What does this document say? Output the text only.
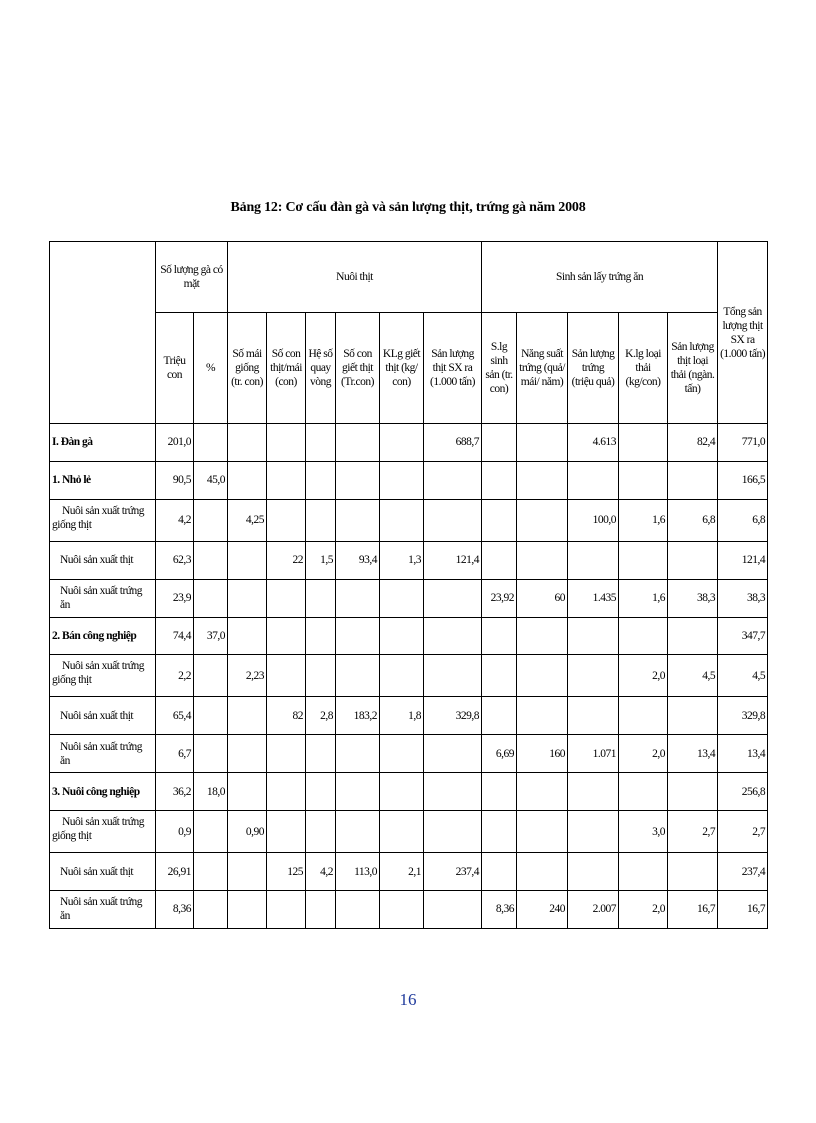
Bảng 12: Cơ cấu đàn gà và sản lượng thịt, trứng gà năm 2008
	Số lượng gà có mặt		Nuôi thịt						Sinh sản lấy trứng ăn					Tổng sản lượng thịt SX ra (1.000 tấn)
	Triệu con	%	Số mái giống (tr. con)	Số con thịt/mái (con)	Hệ số quay vòng	Số con giết thịt (Tr.con)	KLg giết thịt (kg/ con)	Sản lượng thịt SX ra (1.000 tấn)	S.lg sinh sản (tr. con)	Năng suất trứng (quả/ mái/ năm)	Sản lượng trứng (triệu quả)	K.lg loại thải (kg/con)	Sản lượng thịt loại thải (ngàn. tấn)	
I. Đàn gà	201,0							688,7			4.613		82,4	771,0
1. Nhỏ lẻ	90,5	45,0												166,5
Nuôi sản xuất trứng giống thịt	4,2		4,25								100,0	1,6	6,8	6,8
Nuôi sản xuất thịt	62,3			22	1,5	93,4	1,3	121,4						121,4
Nuôi sản xuất trứng ăn	23,9								23,92	60	1.435	1,6	38,3	38,3
2. Bán công nghiệp	74,4	37,0												347,7
Nuôi sản xuất trứng giống thịt	2,2		2,23									2,0	4,5	4,5
Nuôi sản xuất thịt	65,4			82	2,8	183,2	1,8	329,8						329,8
Nuôi sản xuất trứng ăn	6,7								6,69	160	1.071	2,0	13,4	13,4
3. Nuôi công nghiệp	36,2	18,0												256,8
Nuôi sản xuất trứng giống thịt	0,9		0,90									3,0	2,7	2,7
Nuôi sản xuất thịt	26,91			125	4,2	113,0	2,1	237,4						237,4
Nuôi sản xuất trứng ăn	8,36								8,36	240	2.007	2,0	16,7	16,7
16
